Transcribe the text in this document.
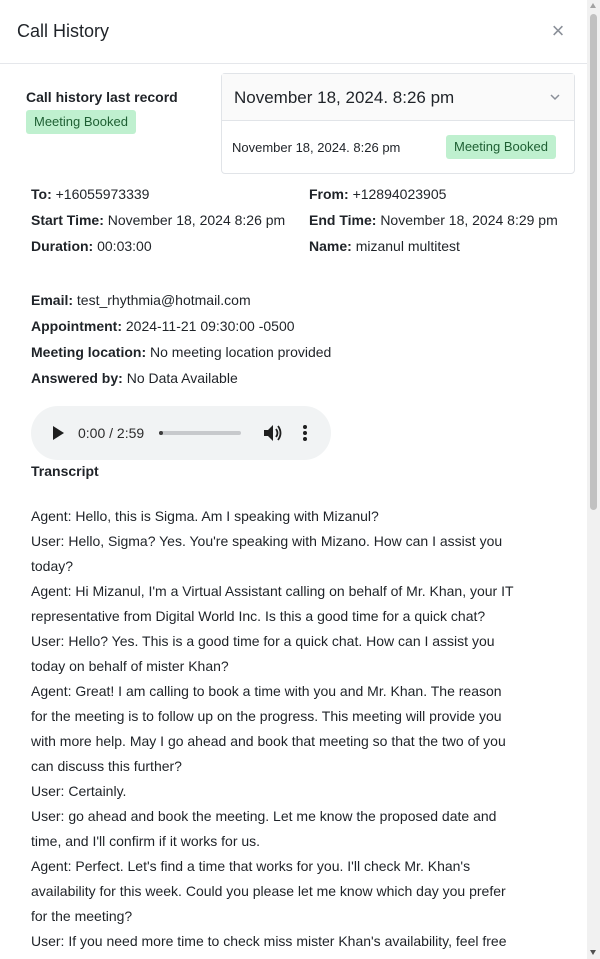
Call History	×
Call history last record
Meeting Booked
November 18, 2024. 8:26 pm
November 18, 2024. 8:26 pm	Meeting Booked
To: +16055973339	From: +12894023905
Start Time: November 18, 2024 8:26 pm End Time: November 18, 2024 8:29 pm
Duration: 00:03:00	Name: mizanul multitest
Email: test_rhythmia@hotmail.com
Appointment: 2024-11-21 09:30:00 -0500
Meeting location: No meeting location provided
Answered by: No Data Available
0:00 / 2:59
Transcript
Agent: Hello, this is Sigma. Am I speaking with Mizanul?
User: Hello, Sigma? Yes. You're speaking with Mizano. How can I assist you
today?
Agent: Hi Mizanul, I'm a Virtual Assistant calling on behalf of Mr. Khan, your IT
representative from Digital World Inc. Is this a good time for a quick chat?
User: Hello? Yes. This is a good time for a quick chat. How can I assist you
today on behalf of mister Khan?
Agent: Great! I am calling to book a time with you and Mr. Khan. The reason
for the meeting is to follow up on the progress. This meeting will provide you
with more help. May I go ahead and book that meeting so that the two of you
can discuss this further?
User: Certainly.
User: go ahead and book the meeting. Let me know the proposed date and
time, and I'll confirm if it works for us.
Agent: Perfect. Let's find a time that works for you. I'll check Mr. Khan's
availability for this week. Could you please let me know which day you prefer
for the meeting?
User: If you need more time to check miss mister Khan's availability, feel free
